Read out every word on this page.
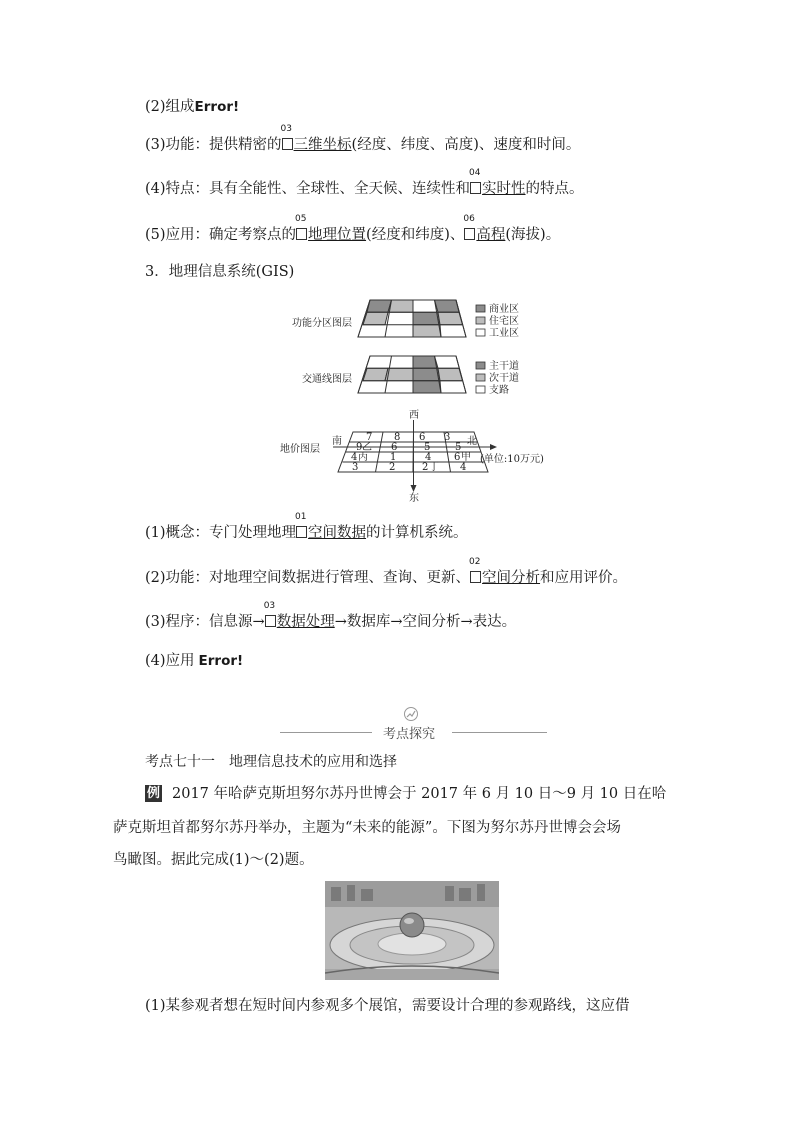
(2)组成Error!
(3)功能：提供精密的
03
三维坐标(经度、纬度、高度)、速度和时间。
(4)特点：具有全能性、全球性、全天候、连续性和
04
实时性的特点。
(5)应用：确定考察点的
05
地理位置(经度和纬度)、
06
高程(海拔)。
3．地理信息系统(GIS)
功能分区图层
商业区
住宅区
工业区
交通线图层
主干道
次干道
支路
地价图层
西
东
南	北
(单位:10万元)
7 8 6 3
9 乙 6	5 5
4 丙 1	4 6 甲
3	2	2 丁 4
(1)概念：专门处理地理
01
空间数据的计算机系统。
(2)功能：对地理空间数据进行管理、查询、更新、
02
空间分析和应用评价。
(3)程序：信息源→
03
数据处理→数据库→空间分析→表达。
(4)应用 Error!
考点探究
考点七十一　地理信息技术的应用和选择
例 2017 年哈萨克斯坦努尔苏丹世博会于 2017 年 6 月 10 日～9 月 10 日在哈
萨克斯坦首都努尔苏丹举办，主题为“未来的能源”。下图为努尔苏丹世博会会场
鸟瞰图。据此完成(1)～(2)题。
(1)某参观者想在短时间内参观多个展馆，需要设计合理的参观路线，这应借
